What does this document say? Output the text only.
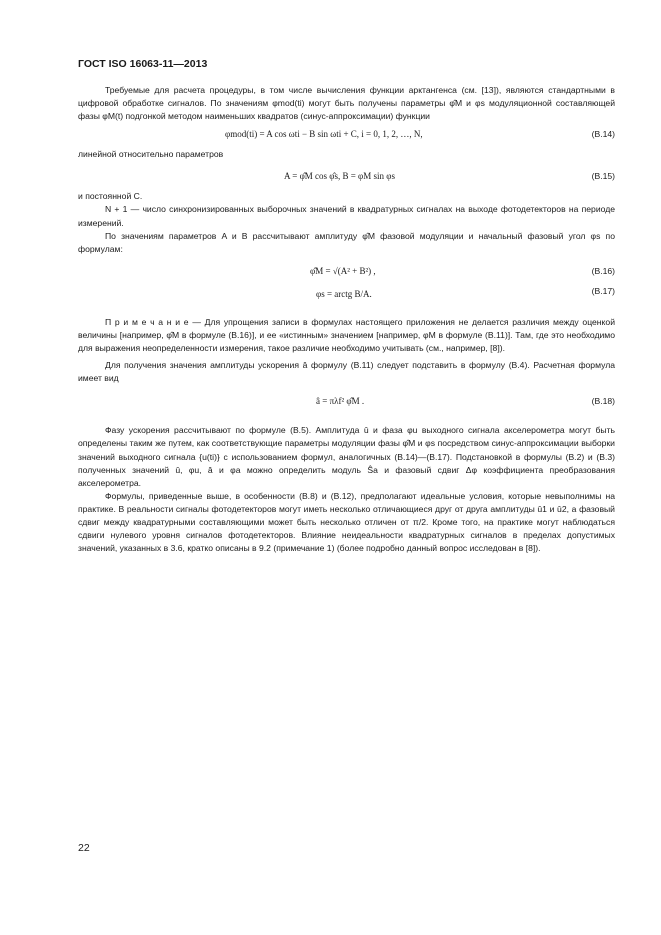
ГОСТ ISO 16063-11—2013

Требуемые для расчета процедуры, в том числе вычисления функции арктангенса (см. [13]), являются стандартными в цифровой обработке сигналов. По значениям φmod(ti) могут быть получены параметры φ̂M и φs модуляционной составляющей фазы φM(t) подгонкой методом наименьших квадратов (синус-аппроксимации) функции

φmod(ti) = A cos ωti − B sin ωti + C, i = 0, 1, 2, …, N,	(B.14)

линейной относительно параметров

A = φ̂M cos φ̂s, B = φM sin φs	(B.15)

и постоянной C.

N + 1 — число синхронизированных выборочных значений в квадратурных сигналах на выходе фотодетекторов на периоде измерений.

По значениям параметров A и B рассчитывают амплитуду φ̂M фазовой модуляции и начальный фазовый угол φs по формулам:

φ̂M = √(A² + B²) ,	(B.16)
φs = arctg B/A.	(B.17)

П р и м е ч а н и е — Для упрощения записи в формулах настоящего приложения не делается различия между оценкой величины [например, φ̂M в формуле (B.16)], и ее «истинным» значением [например, φM в формуле (B.11)]. Там, где это необходимо для выражения неопределенности измерения, такое различие необходимо учитывать (см., например, [8]).

Для получения значения амплитуды ускорения â формулу (B.11) следует подставить в формулу (B.4). Расчетная формула имеет вид

â = πλf² φ̂M .	(B.18)

Фазу ускорения рассчитывают по формуле (B.5). Амплитуда û и фаза φu выходного сигнала акселерометра могут быть определены таким же путем, как соответствующие параметры модуляции фазы φ̂M и φs посредством синус-аппроксимации выборки значений выходного сигнала {u(ti)} с использованием формул, аналогичных (B.14)—(B.17). Подстановкой в формулы (B.2) и (B.3) полученных значений û, φu, â и φa можно определить модуль Ŝa и фазовый сдвиг Δφ коэффициента преобразования акселерометра.

Формулы, приведенные выше, в особенности (B.8) и (B.12), предполагают идеальные условия, которые невыполнимы на практике. В реальности сигналы фотодетекторов могут иметь несколько отличающиеся друг от друга амплитуды û1 и û2, а фазовый сдвиг между квадратурными составляющими может быть несколько отличен от π/2. Кроме того, на практике могут наблюдаться сдвиги нулевого уровня сигналов фотодетекторов. Влияние неидеальности квадратурных сигналов в пределах допустимых значений, указанных в 3.6, кратко описаны в 9.2 (примечание 1) (более подробно данный вопрос исследован в [8]).

22
